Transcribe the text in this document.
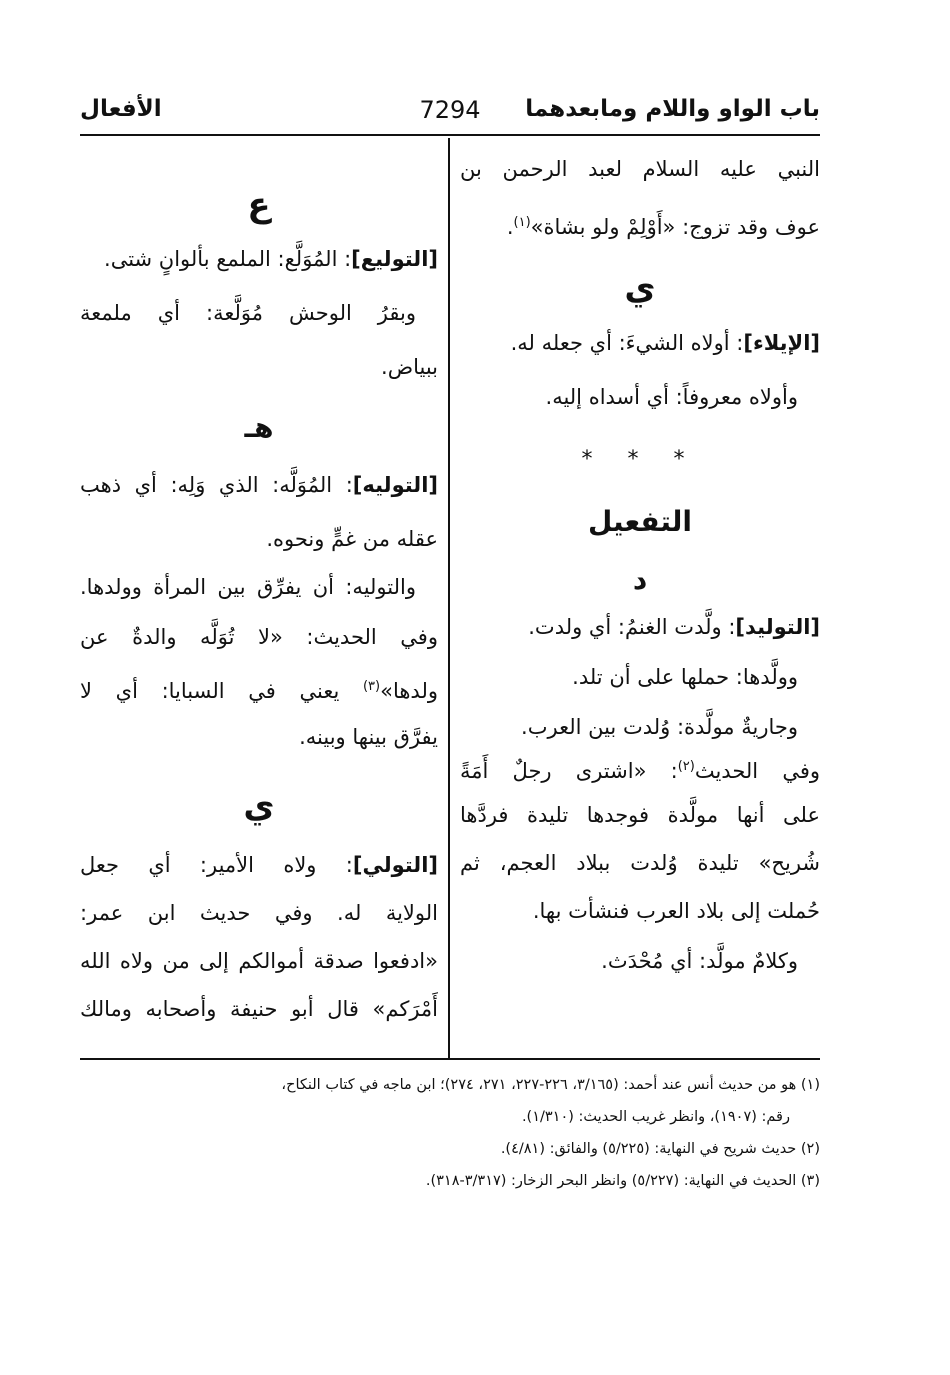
باب الواو واللام ومابعدهما
7294
الأفعال
النبي عليه السلام لعبد الرحمن بن
عوف وقد تزوج: «أَوْلِمْ ولو بشاة»$^{(١)}$.
ي
[الإيلاء]: أولاه الشيءَ: أي جعله له.
وأولاه معروفاً: أي أسداه إليه.
* * *
التفعيل
د
[التوليد]: ولَّدت الغنمُ: أي ولدت.
وولَّدها: حملها على أن تلد.
وجاريةٌ مولَّدة: وُلدت بين العرب.
وفي الحديث$^{(٢)}$: «اشترى رجلٌ أَمَةً
على أنها مولَّدة فوجدها تليدة فردَّها
شُريح» تليدة وُلدت ببلاد العجم، ثم
حُملت إلى بلاد العرب فنشأت بها.
وكلامٌ مولَّد: أي مُحْدَث.
ع
[التوليع]: المُوَلَّع: الملمع بألوانٍ شتى.
وبقرُ الوحش مُوَلَّعة: أي ملمعة
ببياض.
هـ
[التوليه]: المُوَلَّه: الذي وَلِه: أي ذهب
عقله من غمٍّ ونحوه.
والتوليه: أن يفرِّق بين المرأة وولدها.
وفي الحديث: «لا تُوَلَّه والدةٌ عن
ولدها»$^{(٣)}$ يعني في السبايا: أي لا
يفرَّق بينها وبينه.
ي
[التولي]: ولاه الأمير: أي جعل
الولاية له. وفي حديث ابن عمر:
«ادفعوا صدقة أموالكم إلى من ولاه الله
أَمْرَكم» قال أبو حنيفة وأصحابه ومالك
(١) هو من حديث أنس عند أحمد: (٣/١٦٥، ٢٢٦-٢٢٧، ٢٧١، ٢٧٤)؛ ابن ماجه في كتاب النكاح،
رقم: (١٩٠٧)، وانظر غريب الحديث: (١/٣١٠).
(٢) حديث شريح في النهاية: (٥/٢٢٥) والفائق: (٤/٨١).
(٣) الحديث في النهاية: (٥/٢٢٧) وانظر البحر الزخار: (٣/٣١٧-٣١٨).
